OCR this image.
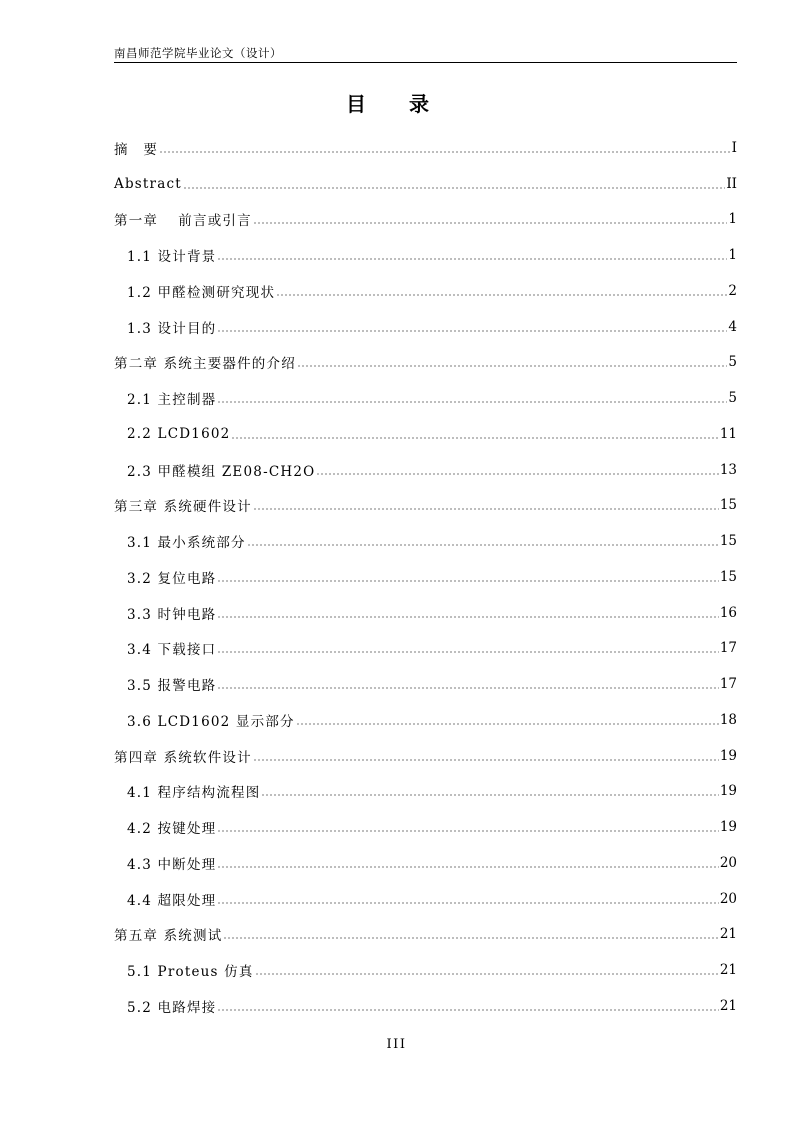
南昌师范学院毕业论文（设计）
目 录
摘　要	I
Abstract	II
第一章　 前言或引言	1
1.1 设计背景	1
1.2 甲醛检测研究现状	2
1.3 设计目的	4
第二章 系统主要器件的介绍	5
2.1 主控制器	5
2.2 LCD1602	11
2.3 甲醛模组 ZE08-CH2O	13
第三章 系统硬件设计	15
3.1 最小系统部分	15
3.2 复位电路	15
3.3 时钟电路	16
3.4 下载接口	17
3.5 报警电路	17
3.6 LCD1602 显示部分	18
第四章 系统软件设计	19
4.1 程序结构流程图	19
4.2 按键处理	19
4.3 中断处理	20
4.4 超限处理	20
第五章 系统测试	21
5.1 Proteus 仿真	21
5.2 电路焊接	21
III
